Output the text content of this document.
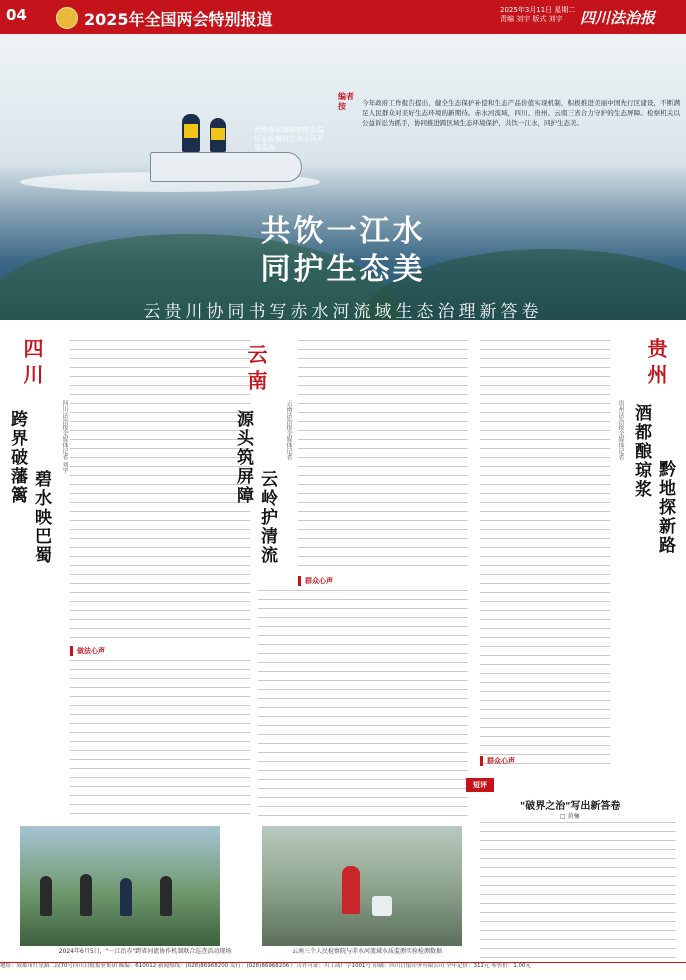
04	2025年全国两会特别报道	2025年3月11日 星期二
责编 刘宇 版式 刘宇	四川法治报
贵州赤水市检察院公益诉讼检察官在赤水河开展巡查
编者按	今年政府工作报告提出，健全生态保护补偿和生态产品价值实现机制，积极推进美丽中国先行区建设，不断满足人民群众对美好生态环境的新期待。赤水河流域，四川、贵州、云南三省合力守护的生态屏障。检察机关以公益诉讼为抓手，协同推进跨区域生态环境保护，共饮一江水，同护生态美。
共饮一江水
同护生态美
云贵川协同书写赤水河流域生态治理新答卷
四川
跨界破藩篱
碧水映巴蜀
四川法治报全媒体记者 刘宇
做法心声
2024年6月5日，"一江治赤"跨省河流协作机制联合巡查活动现场
云南
源头筑屏障
云岭护清流
云南法治报全媒体记者
群众心声
云南三个人民检察院与赤水河流域水质监测实验检测数据
贵州
酒都酿琼浆
黔地探新路
贵州法治报全媒体记者
群众心声
短评
"破界之治"写出新答卷
□ 黄骊
地址：成都市红星路二段70号四川日报报业集团 邮编：610012 新闻热线：(028)86968200 发行：(028)86968206 广告许可证：川工商广字1001号 印刷：四川日报印务有限公司 全年定价：312元 零售价：1.00元
